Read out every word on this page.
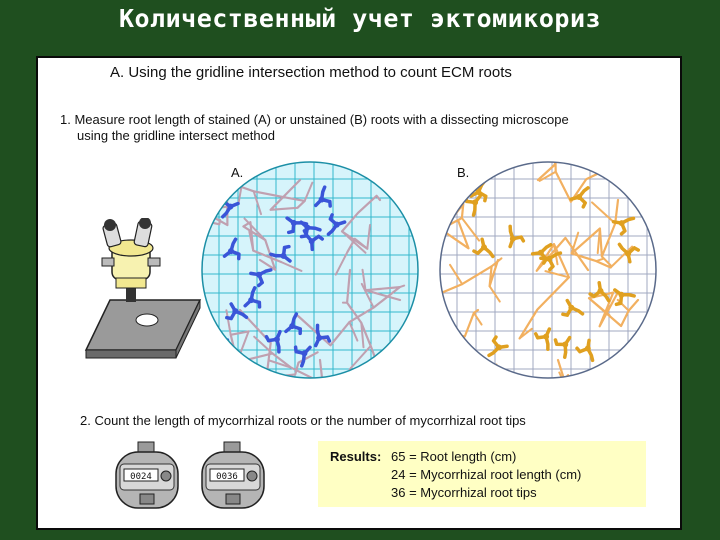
Количественный учет эктомикориз
A. Using the gridline intersection method to count ECM roots
1. Measure root length of stained (A) or unstained (B) roots with a dissecting microscope
using the gridline intersect method
A.	B.
2. Count the length of mycorrhizal roots or the number of mycorrhizal root tips
0024	0036
Results: 65 = Root length (cm)
24 = Mycorrhizal root length (cm)
36 = Mycorrhizal root tips
